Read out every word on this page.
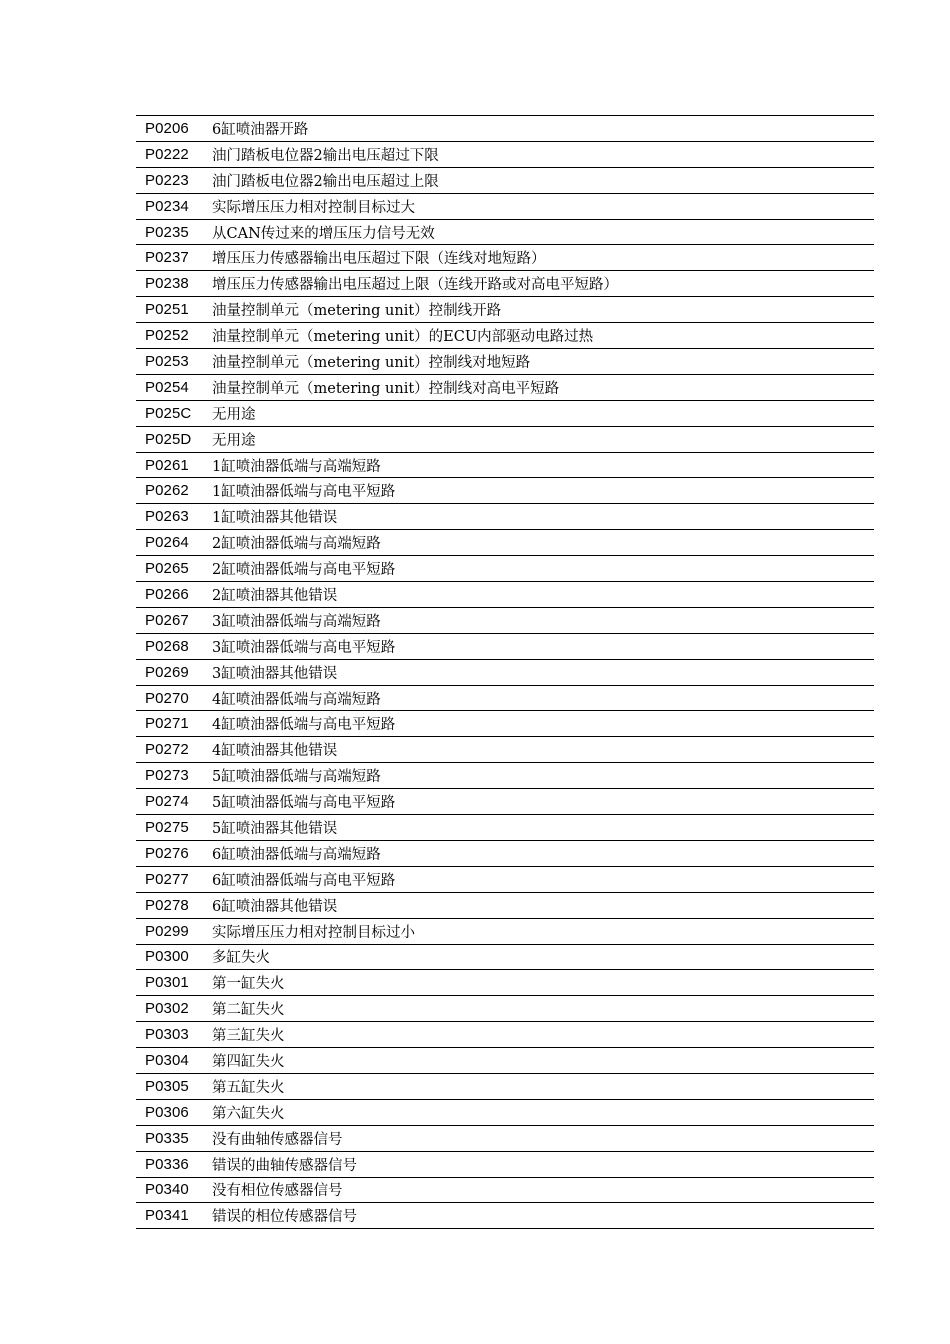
P0206	6缸喷油器开路
P0222	油门踏板电位器2输出电压超过下限
P0223	油门踏板电位器2输出电压超过上限
P0234	实际增压压力相对控制目标过大
P0235	从CAN传过来的增压压力信号无效
P0237	增压压力传感器输出电压超过下限（连线对地短路）
P0238	增压压力传感器输出电压超过上限（连线开路或对高电平短路）
P0251	油量控制单元（metering unit）控制线开路
P0252	油量控制单元（metering unit）的ECU内部驱动电路过热
P0253	油量控制单元（metering unit）控制线对地短路
P0254	油量控制单元（metering unit）控制线对高电平短路
P025C	无用途
P025D	无用途
P0261	1缸喷油器低端与高端短路
P0262	1缸喷油器低端与高电平短路
P0263	1缸喷油器其他错误
P0264	2缸喷油器低端与高端短路
P0265	2缸喷油器低端与高电平短路
P0266	2缸喷油器其他错误
P0267	3缸喷油器低端与高端短路
P0268	3缸喷油器低端与高电平短路
P0269	3缸喷油器其他错误
P0270	4缸喷油器低端与高端短路
P0271	4缸喷油器低端与高电平短路
P0272	4缸喷油器其他错误
P0273	5缸喷油器低端与高端短路
P0274	5缸喷油器低端与高电平短路
P0275	5缸喷油器其他错误
P0276	6缸喷油器低端与高端短路
P0277	6缸喷油器低端与高电平短路
P0278	6缸喷油器其他错误
P0299	实际增压压力相对控制目标过小
P0300	多缸失火
P0301	第一缸失火
P0302	第二缸失火
P0303	第三缸失火
P0304	第四缸失火
P0305	第五缸失火
P0306	第六缸失火
P0335	没有曲轴传感器信号
P0336	错误的曲轴传感器信号
P0340	没有相位传感器信号
P0341	错误的相位传感器信号
